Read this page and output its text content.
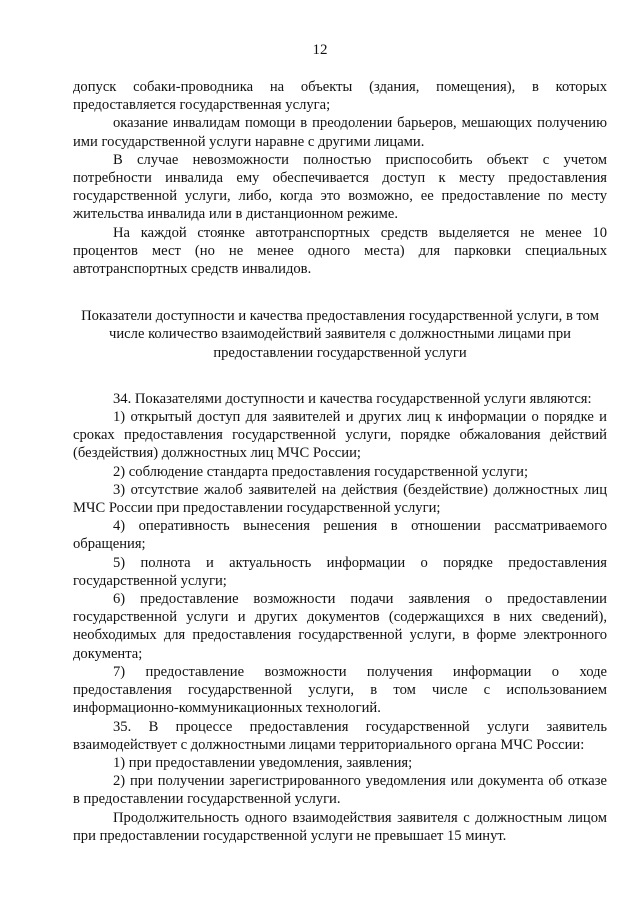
12

допуск собаки-проводника на объекты (здания, помещения), в которых предоставляется государственная услуга;

оказание инвалидам помощи в преодолении барьеров, мешающих получению ими государственной услуги наравне с другими лицами.

В случае невозможности полностью приспособить объект с учетом потребности инвалида ему обеспечивается доступ к месту предоставления государственной услуги, либо, когда это возможно, ее предоставление по месту жительства инвалида или в дистанционном режиме.

На каждой стоянке автотранспортных средств выделяется не менее 10 процентов мест (но не менее одного места) для парковки специальных автотранспортных средств инвалидов.

Показатели доступности и качества предоставления государственной услуги, в том числе количество взаимодействий заявителя с должностными лицами при предоставлении государственной услуги

34. Показателями доступности и качества государственной услуги являются:

1) открытый доступ для заявителей и других лиц к информации о порядке и сроках предоставления государственной услуги, порядке обжалования действий (бездействия) должностных лиц МЧС России;

2) соблюдение стандарта предоставления государственной услуги;

3) отсутствие жалоб заявителей на действия (бездействие) должностных лиц МЧС России при предоставлении государственной услуги;

4) оперативность вынесения решения в отношении рассматриваемого обращения;

5) полнота и актуальность информации о порядке предоставления государственной услуги;

6) предоставление возможности подачи заявления о предоставлении государственной услуги и других документов (содержащихся в них сведений), необходимых для предоставления государственной услуги, в форме электронного документа;

7) предоставление возможности получения информации о ходе предоставления государственной услуги, в том числе с использованием информационно-коммуникационных технологий.

35. В процессе предоставления государственной услуги заявитель взаимодействует с должностными лицами территориального органа МЧС России:

1) при предоставлении уведомления, заявления;

2) при получении зарегистрированного уведомления или документа об отказе в предоставлении государственной услуги.

Продолжительность одного взаимодействия заявителя с должностным лицом при предоставлении государственной услуги не превышает 15 минут.
